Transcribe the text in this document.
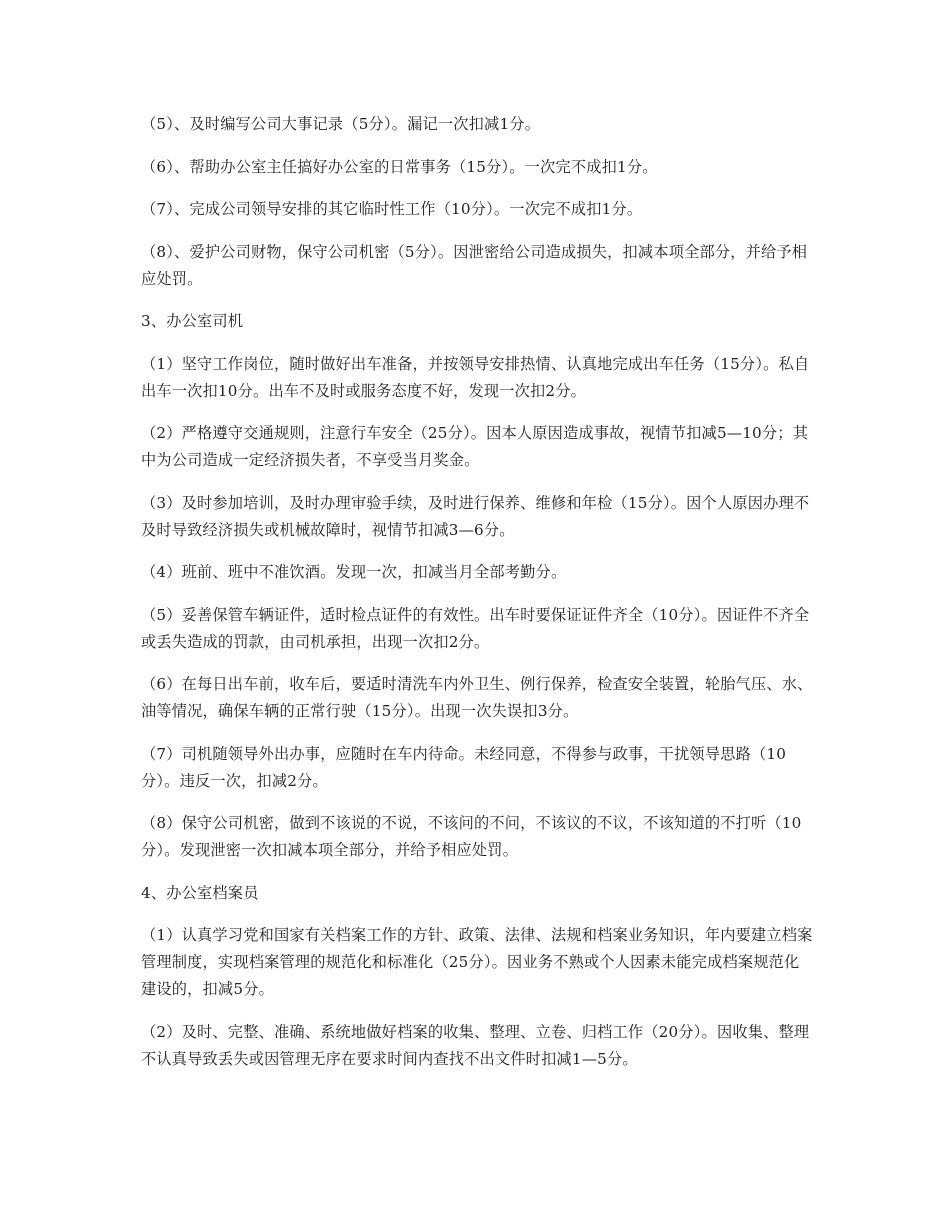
（5）、及时编写公司大事记录（5分）。漏记一次扣减1分。

（6）、帮助办公室主任搞好办公室的日常事务（15分）。一次完不成扣1分。

（7）、完成公司领导安排的其它临时性工作（10分）。一次完不成扣1分。

（8）、爱护公司财物，保守公司机密（5分）。因泄密给公司造成损失，扣减本项全部分，并给予相应处罚。

3、办公室司机

（1）坚守工作岗位，随时做好出车准备，并按领导安排热情、认真地完成出车任务（15分）。私自出车一次扣10分。出车不及时或服务态度不好，发现一次扣2分。

（2）严格遵守交通规则，注意行车安全（25分）。因本人原因造成事故，视情节扣减5—10分；其中为公司造成一定经济损失者，不享受当月奖金。

（3）及时参加培训，及时办理审验手续，及时进行保养、维修和年检（15分）。因个人原因办理不及时导致经济损失或机械故障时，视情节扣减3—6分。

（4）班前、班中不准饮酒。发现一次，扣减当月全部考勤分。

（5）妥善保管车辆证件，适时检点证件的有效性。出车时要保证证件齐全（10分）。因证件不齐全或丢失造成的罚款，由司机承担，出现一次扣2分。

（6）在每日出车前，收车后，要适时清洗车内外卫生、例行保养，检查安全装置，轮胎气压、水、油等情况，确保车辆的正常行驶（15分）。出现一次失误扣3分。

（7）司机随领导外出办事，应随时在车内待命。未经同意，不得参与政事，干扰领导思路（10分）。违反一次，扣减2分。

（8）保守公司机密，做到不该说的不说，不该问的不问，不该议的不议，不该知道的不打听（10分）。发现泄密一次扣减本项全部分，并给予相应处罚。

4、办公室档案员

（1）认真学习党和国家有关档案工作的方针、政策、法律、法规和档案业务知识，年内要建立档案管理制度，实现档案管理的规范化和标准化（25分）。因业务不熟或个人因素未能完成档案规范化建设的，扣减5分。

（2）及时、完整、准确、系统地做好档案的收集、整理、立卷、归档工作（20分）。因收集、整理不认真导致丢失或因管理无序在要求时间内查找不出文件时扣减1—5分。
